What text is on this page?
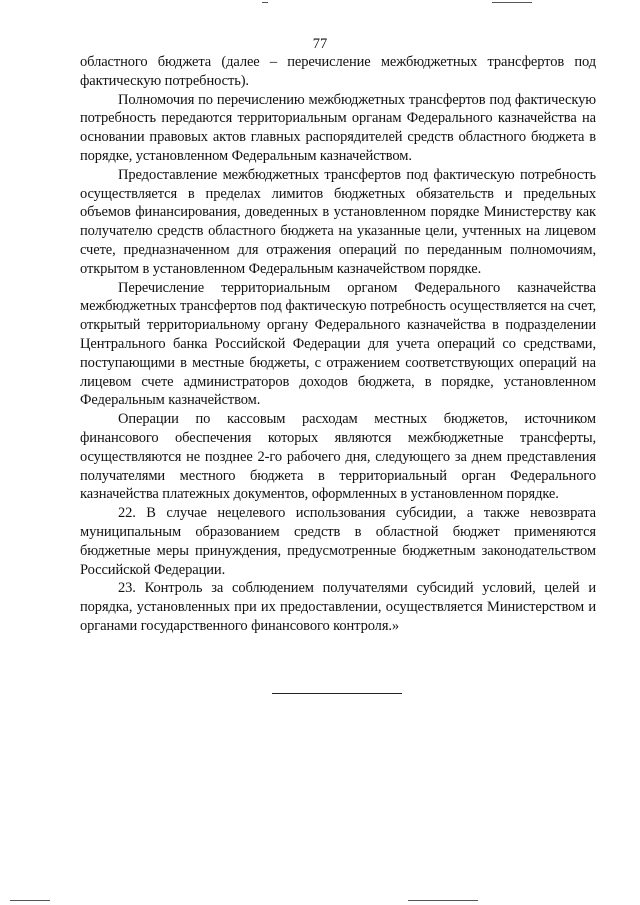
77

областного бюджета (далее – перечисление межбюджетных трансфертов под фактическую потребность).

Полномочия по перечислению межбюджетных трансфертов под фактическую потребность передаются территориальным органам Федерального казначейства на основании правовых актов главных распорядителей средств областного бюджета в порядке, установленном Федеральным казначейством.

Предоставление межбюджетных трансфертов под фактическую потребность осуществляется в пределах лимитов бюджетных обязательств и предельных объемов финансирования, доведенных в установленном порядке Министерству как получателю средств областного бюджета на указанные цели, учтенных на лицевом счете, предназначенном для отражения операций по переданным полномочиям, открытом в установленном Федеральным казначейством порядке.

Перечисление территориальным органом Федерального казначейства межбюджетных трансфертов под фактическую потребность осуществляется на счет, открытый территориальному органу Федерального казначейства в подразделении Центрального банка Российской Федерации для учета операций со средствами, поступающими в местные бюджеты, с отражением соответствующих операций на лицевом счете администраторов доходов бюджета, в порядке, установленном Федеральным казначейством.

Операции по кассовым расходам местных бюджетов, источником финансового обеспечения которых являются межбюджетные трансферты, осуществляются не позднее 2-го рабочего дня, следующего за днем представления получателями местного бюджета в территориальный орган Федерального казначейства платежных документов, оформленных в установленном порядке.

22. В случае нецелевого использования субсидии, а также невозврата муниципальным образованием средств в областной бюджет применяются бюджетные меры принуждения, предусмотренные бюджетным законодательством Российской Федерации.

23. Контроль за соблюдением получателями субсидий условий, целей и порядка, установленных при их предоставлении, осуществляется Министерством и органами государственного финансового контроля.»
